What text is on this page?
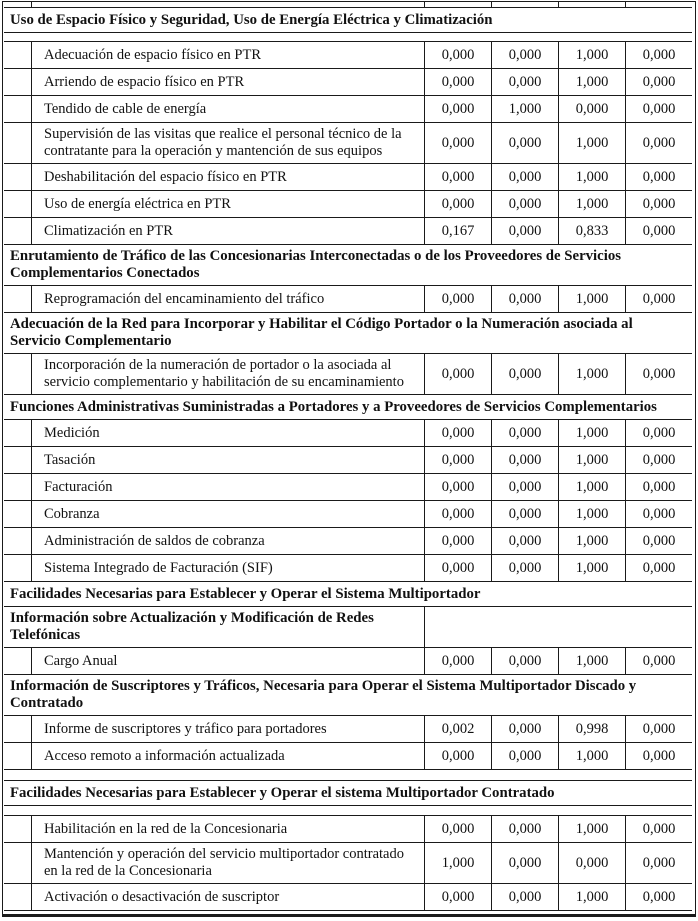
Uso de Espacio Físico y Seguridad, Uso de Energía Eléctrica y Climatización
Adecuación de espacio físico en PTR	0,000	0,000	1,000	0,000
Arriendo de espacio físico en PTR	0,000	0,000	1,000	0,000
Tendido de cable de energía	0,000	1,000	0,000	0,000
Supervisión de las visitas que realice el personal técnico de la contratante para la operación y mantención de sus equipos
0,000	0,000	1,000	0,000
Deshabilitación del espacio físico en PTR	0,000	0,000	1,000	0,000
Uso de energía eléctrica en PTR	0,000	0,000	1,000	0,000
Climatización en PTR	0,167	0,000	0,833	0,000
Enrutamiento de Tráfico de las Concesionarias Interconectadas o de los Proveedores de Servicios Complementarios Conectados
Reprogramación del encaminamiento del tráfico	0,000	0,000	1,000	0,000
Adecuación de la Red para Incorporar y Habilitar el Código Portador o la Numeración asociada al Servicio Complementario
Incorporación de la numeración de portador o la asociada al servicio complementario y habilitación de su encaminamiento
0,000	0,000	1,000	0,000
Funciones Administrativas Suministradas a Portadores y a Proveedores de Servicios Complementarios
Medición	0,000	0,000	1,000	0,000
Tasación	0,000	0,000	1,000	0,000
Facturación	0,000	0,000	1,000	0,000
Cobranza	0,000	0,000	1,000	0,000
Administración de saldos de cobranza	0,000	0,000	1,000	0,000
Sistema Integrado de Facturación (SIF)	0,000	0,000	1,000	0,000
Facilidades Necesarias para Establecer y Operar el Sistema Multiportador
Información sobre Actualización y Modificación de Redes Telefónicas
Cargo Anual	0,000	0,000	1,000	0,000
Información de Suscriptores y Tráficos, Necesaria para Operar el Sistema Multiportador Discado y Contratado
Informe de suscriptores y tráfico para portadores	0,002	0,000	0,998	0,000
Acceso remoto a información actualizada	0,000	0,000	1,000	0,000
Facilidades Necesarias para Establecer y Operar el sistema Multiportador Contratado
Habilitación en la red de la Concesionaria	0,000	0,000	1,000	0,000
Mantención y operación del servicio multiportador contratado en la red de la Concesionaria
1,000	0,000	0,000	0,000
Activación o desactivación de suscriptor	0,000	0,000	1,000	0,000
